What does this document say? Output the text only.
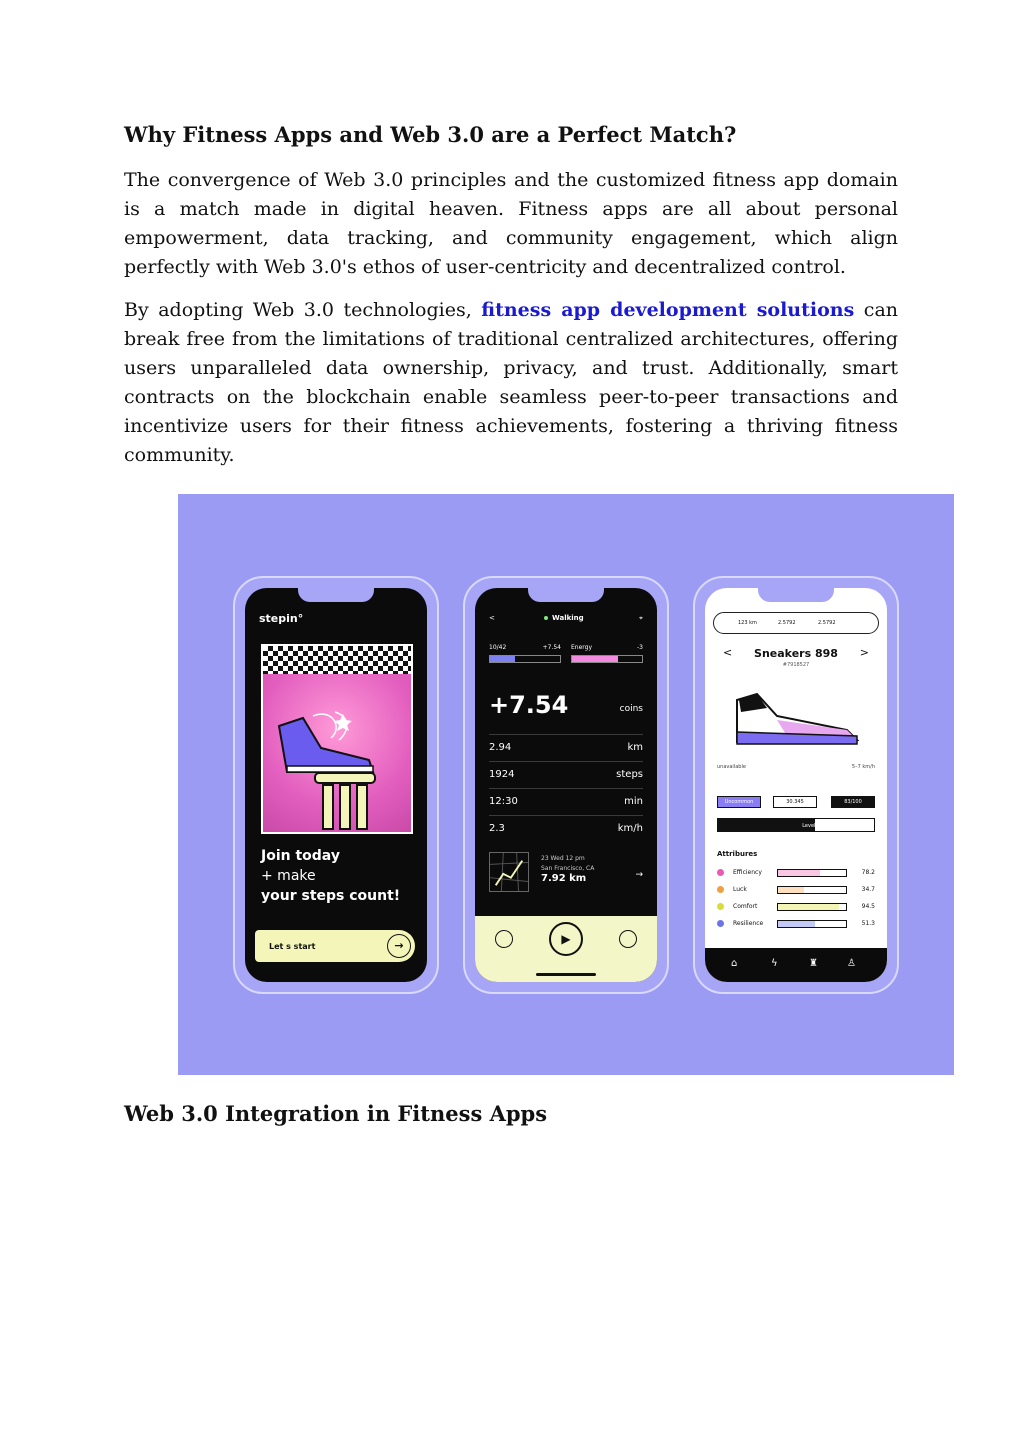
Why Fitness Apps and Web 3.0 are a Perfect Match?

The convergence of Web 3.0 principles and the customized fitness app domain is a match made in digital heaven. Fitness apps are all about personal empowerment, data tracking, and community engagement, which align perfectly with Web 3.0's ethos of user-centricity and decentralized control.

By adopting Web 3.0 technologies, fitness app development solutions can break free from the limitations of traditional centralized architectures, offering users unparalleled data ownership, privacy, and trust. Additionally, smart contracts on the blockchain enable seamless peer-to-peer transactions and incentivize users for their fitness achievements, fostering a thriving fitness community.

stepin°
Join today
+ make
your steps count!
Let s start	→
<	Walking	⌖
10/42	+7.54 Energy	-3
+7.54	coins
2.94	km
1924	steps
12:30	min
2.3	km/h
23 Wed 12 pm
San Francisco, CA
7.92 km	→
▶
123 km	2.5792	2.5792
<	Sneakers 898
#7918527
>
unavailable	5–7 km/h
Uncommon	30.345	83/100
Level 12
Attribures
Efficiency	78.2
Luck	34.7
Comfort	94.5
Resilience	51.3
⌂	ϟ	♜	♙
Web 3.0 Integration in Fitness Apps
